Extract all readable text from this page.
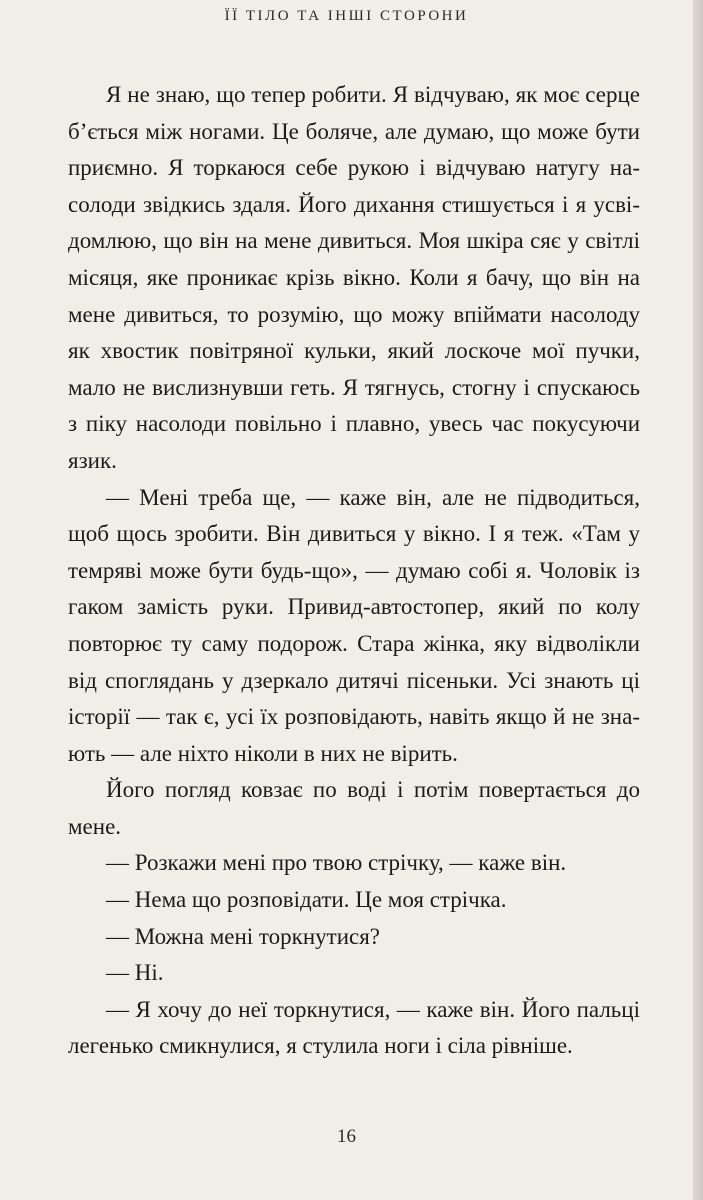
ЇЇ ТІЛО ТА ІНШІ СТОРОНИ

Я не знаю, що тепер робити. Я відчуваю, як моє серце б’ється між ногами. Це боляче, але думаю, що може бути приємно. Я торкаюся себе рукою і відчуваю натугу насолоди звідкись здаля. Його дихання стишується і я усвідомлюю, що він на мене дивиться. Моя шкіра сяє у світлі місяця, яке проникає крізь вікно. Коли я бачу, що він на мене дивиться, то розумію, що можу впіймати насолоду як хвостик повітряної кульки, який лоскоче мої пучки, мало не вислизнувши геть. Я тягнусь, стогну і спускаюсь з піку насолоди повільно і плавно, увесь час покусуючи язик.

— Мені треба ще, — каже він, але не підводиться, щоб щось зробити. Він дивиться у вікно. І я теж. «Там у темряві може бути будь-що», — думаю собі я. Чоловік із гаком замість руки. Привид-автостопер, який по колу повторює ту саму подорож. Стара жінка, яку відволікли від споглядань у дзеркало дитячі пісеньки. Усі знають ці історії — так є, усі їх розповідають, навіть якщо й не знають — але ніхто ніколи в них не вірить.

Його погляд ковзає по воді і потім повертається до мене.

— Розкажи мені про твою стрічку, — каже він.

— Нема що розповідати. Це моя стрічка.

— Можна мені торкнутися?

— Ні.

— Я хочу до неї торкнутися, — каже він. Його пальці легенько смикнулися, я стулила ноги і сіла рівніше.

16
